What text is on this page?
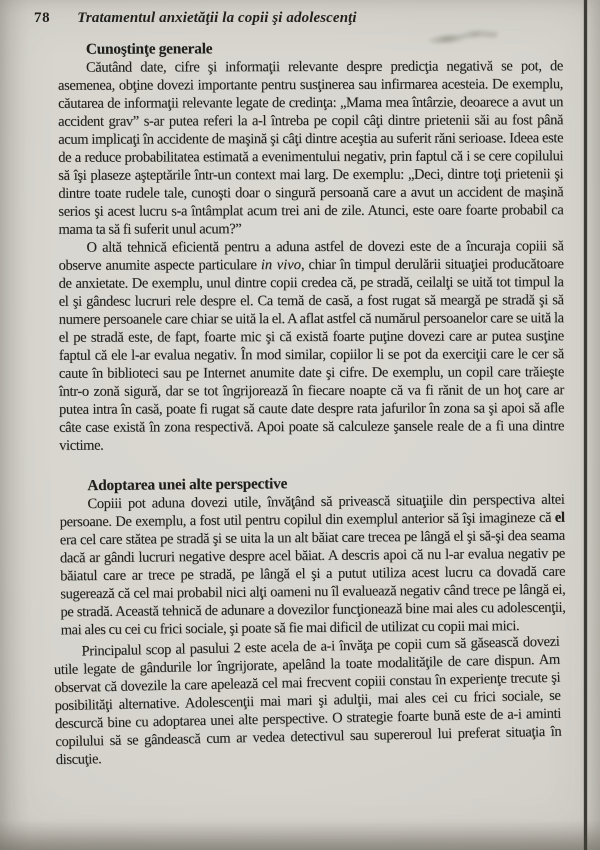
78 Tratamentul anxietăţii la copii şi adolescenţi
Cunoştinţe generale

Căutând date, cifre şi informaţii relevante despre predicţia negativă se pot, de asemenea, obţine dovezi importante pentru susţinerea sau infirmarea acesteia. De exemplu, căutarea de informaţii relevante legate de credinţa: „Mama mea întârzie, deoarece a avut un accident grav” s-ar putea referi la a-l întreba pe copil câţi dintre prietenii săi au fost până acum implicaţi în accidente de maşină şi câţi dintre aceştia au suferit răni serioase. Ideea este de a reduce probabilitatea estimată a evenimentului negativ, prin faptul că i se cere copilului să îşi plaseze aşteptările într-un context mai larg. De exemplu: „Deci, dintre toţi prietenii şi dintre toate rudele tale, cunoşti doar o singură persoană care a avut un accident de maşină serios şi acest lucru s-a întâmplat acum trei ani de zile. Atunci, este oare foarte probabil ca mama ta să fi suferit unul acum?”

O altă tehnică eficientă pentru a aduna astfel de dovezi este de a încuraja copiii să observe anumite aspecte particulare in vivo, chiar în timpul derulării situaţiei producătoare de anxietate. De exemplu, unul dintre copii credea că, pe stradă, ceilalţi se uită tot timpul la el şi gândesc lucruri rele despre el. Ca temă de casă, a fost rugat să meargă pe stradă şi să numere persoanele care chiar se uită la el. A aflat astfel că numărul persoanelor care se uită la el pe stradă este, de fapt, foarte mic şi că există foarte puţine dovezi care ar putea susţine faptul că ele l-ar evalua negativ. În mod similar, copiilor li se pot da exerciţii care le cer să caute în biblioteci sau pe Internet anumite date şi cifre. De exemplu, un copil care trăieşte într-o zonă sigură, dar se tot îngrijorează în fiecare noapte că va fi rănit de un hoţ care ar putea intra în casă, poate fi rugat să caute date despre rata jafurilor în zona sa şi apoi să afle câte case există în zona respectivă. Apoi poate să calculeze şansele reale de a fi una dintre victime.

Adoptarea unei alte perspective

Copiii pot aduna dovezi utile, învăţând să privească situaţiile din perspectiva altei persoane. De exemplu, a fost util pentru copilul din exemplul anterior să îşi imagineze că el era cel care stătea pe stradă şi se uita la un alt băiat care trecea pe lângă el şi să-şi dea seama dacă ar gândi lucruri negative despre acel băiat. A descris apoi că nu l-ar evalua negativ pe băiatul care ar trece pe stradă, pe lângă el şi a putut utiliza acest lucru ca dovadă care sugerează că cel mai probabil nici alţi oameni nu îl evaluează negativ când trece pe lângă ei, pe stradă. Această tehnică de adunare a dovezilor funcţionează bine mai ales cu adolescenţii, mai ales cu cei cu frici sociale, şi poate să fie mai dificil de utilizat cu copii mai mici.

Principalul scop al pasului 2 este acela de a-i învăţa pe copii cum să găsească dovezi utile legate de gândurile lor îngrijorate, apelând la toate modalităţile de care dispun. Am observat că dovezile la care apelează cel mai frecvent copiii constau în experienţe trecute şi posibilităţi alternative. Adolescenţii mai mari şi adulţii, mai ales cei cu frici sociale, se descurcă bine cu adoptarea unei alte perspective. O strategie foarte bună este de a-i aminti copilului să se gândească cum ar vedea detectivul sau supereroul lui preferat situaţia în discuţie.
